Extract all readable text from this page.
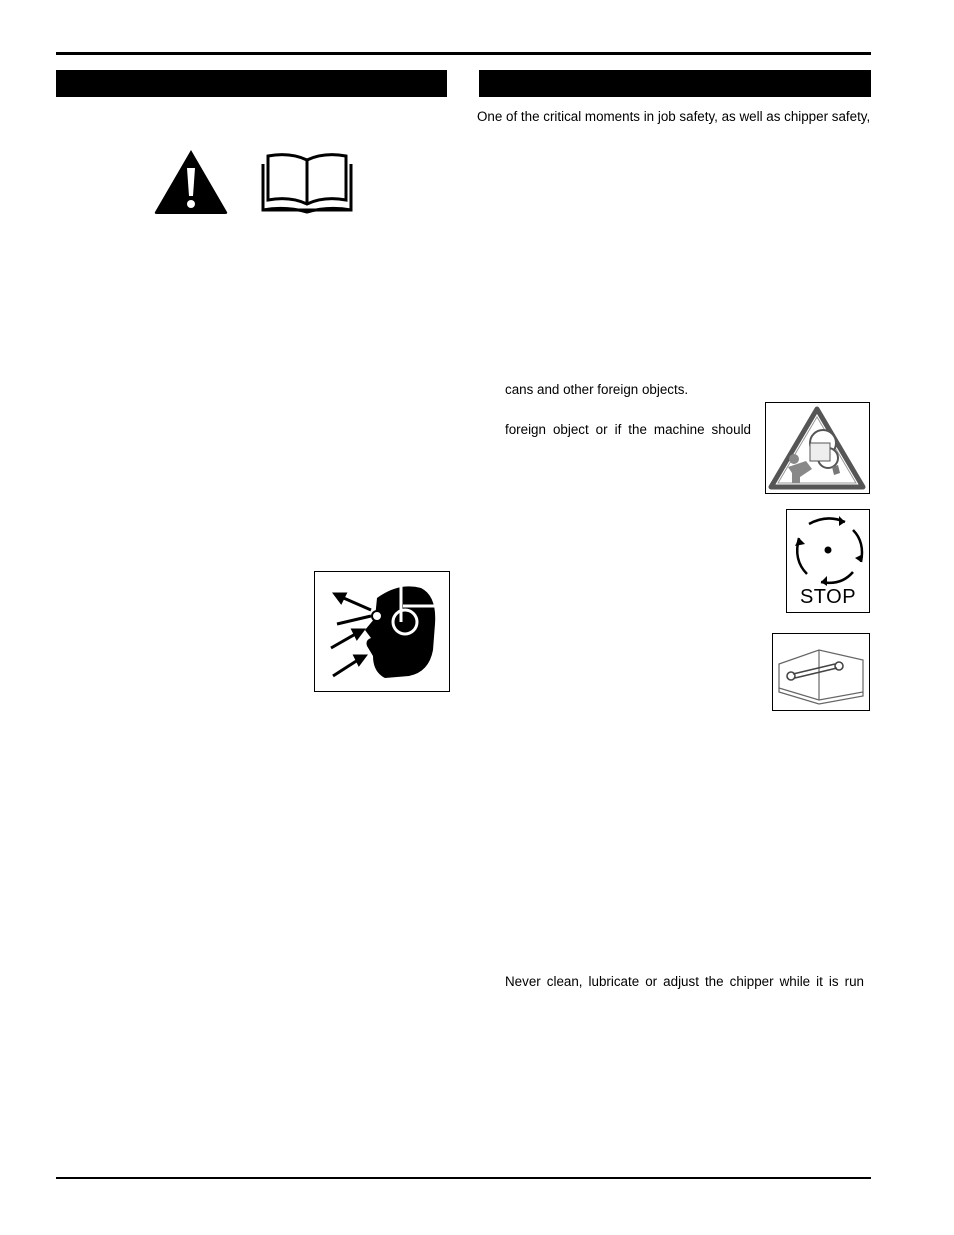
One of the critical moments in job safety, as well as chipper safety,
cans and other foreign objects.
foreign object or if the machine should
STOP
Never clean, lubricate or adjust the chipper while it is run
